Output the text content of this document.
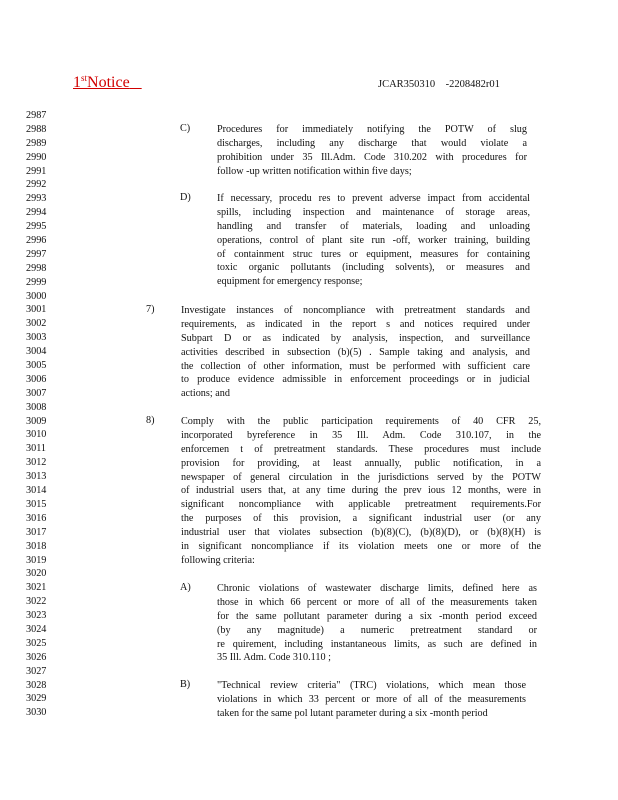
1stNotice	JCAR350310    -2208482r01
2987
2988
2989
2990
2991
2992
2993
2994
2995
2996
2997
2998
2999
3000
3001
3002
3003
3004
3005
3006
3007
3008
3009
3010
3011
3012
3013
3014
3015
3016
3017
3018
3019
3020
3021
3022
3023
3024
3025
3026
3027
3028
3029
3030
C)	Procedures for immediately notifying the POTW of slug
discharges, including any discharge that would violate a
prohibition under 35 Ill.Adm. Code 310.202 with procedures for
follow -up written notification within five days;
D)	If necessary, procedu res to prevent adverse impact from accidental
spills, including inspection and maintenance of storage areas,
handling and transfer of materials, loading and unloading
operations, control of plant site run -off, worker training, building
of containment struc tures or equipment, measures for containing
toxic organic pollutants (including solvents), or measures and
equipment for emergency response;
7)	Investigate instances of noncompliance with pretreatment standards and
requirements, as indicated in the report s and notices required under
Subpart D or as indicated by analysis, inspection, and surveillance
activities described in subsection (b)(5) . Sample taking and analysis, and
the collection of other information, must be performed with sufficient care
to produce evidence admissible in enforcement proceedings or in judicial
actions; and
8)	Comply with the public participation requirements of 40 CFR 25,
incorporated byreference in 35 Ill. Adm. Code 310.107, in the
enforcemen t of pretreatment standards. These procedures must include
provision for providing, at least annually, public notification, in a
newspaper of general circulation in the jurisdictions served by the POTW
of industrial users that, at any time during the prev ious 12 months, were in
significant noncompliance with applicable pretreatment requirements.For
the purposes of this provision, a significant industrial user (or any
industrial user that violates subsection (b)(8)(C), (b)(8)(D), or (b)(8)(H) is
in significant noncompliance if its violation meets one or more of the
following criteria:
A)	Chronic violations of wastewater discharge limits, defined here as
those in which 66 percent or more of all of the measurements taken
for the same pollutant parameter during a six -month period exceed
(by any magnitude) a numeric pretreatment standard or
re quirement, including instantaneous limits, as such are defined in
35 Ill. Adm. Code 310.110 ;
B)	"Technical review criteria" (TRC) violations, which mean those
violations in which 33 percent or more of all of the measurements
taken for the same pol lutant parameter during a six -month period
